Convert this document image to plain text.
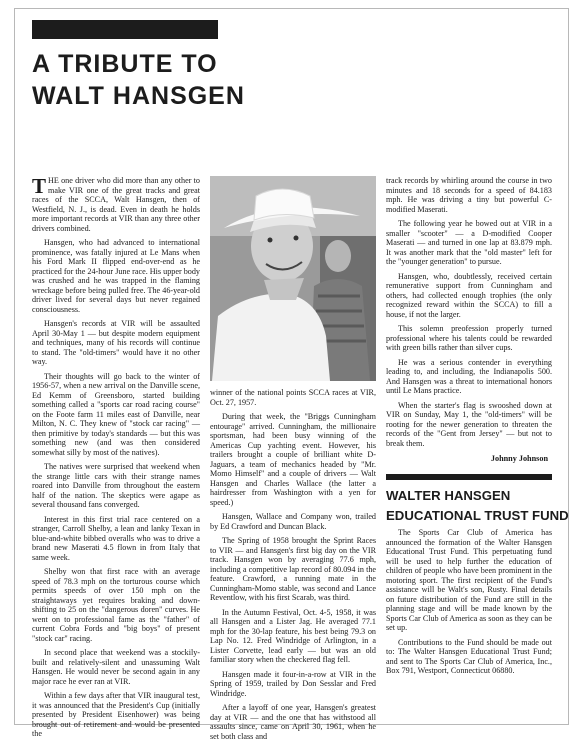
A TRIBUTE TO
WALT HANSGEN

THE one driver who did more than any other to make VIR one of the great tracks and great races of the SCCA, Walt Hansgen, then of Westfield, N. J., is dead. Even in death he holds more important records at VIR than any three other drivers combined.

Hansgen, who had advanced to international prominence, was fatally injured at Le Mans when his Ford Mark II flipped end-over-end as he practiced for the 24-hour June race. His upper body was crushed and he was trapped in the flaming wreckage before being pulled free. The 46-year-old driver lived for several days but never regained consciousness.

Hansgen's records at VIR will be assaulted April 30-May 1 — but despite modern equipment and techniques, many of his records will continue to stand. The "old-timers" would have it no other way.

Their thoughts will go back to the winter of 1956-57, when a new arrival on the Danville scene, Ed Kemm of Greensboro, started building something called a "sports car road racing course" on the Foote farm 11 miles east of Danville, near Milton, N. C. They knew of "stock car racing" — then primitive by today's standards — but this was something new (and was then considered somewhat silly by most of the natives).

The natives were surprised that weekend when the strange little cars with their strange names roared into Danville from throughout the eastern half of the nation. The skeptics were agape as several thousand fans converged.

Interest in this first trial race centered on a stranger, Carroll Shelby, a lean and lanky Texan in blue-and-white bibbed overalls who was to drive a brand new Maserati 4.5 flown in from Italy that same week.

Shelby won that first race with an average speed of 78.3 mph on the torturous course which permits speeds of over 150 mph on the straightaways yet requires braking and down-shifting to 25 on the "dangerous doren" curves. He went on to professional fame as the "father" of current Cobra Fords and "big boys" of present "stock car" racing.

In second place that weekend was a stockily-built and relatively-silent and unassuming Walt Hansgen. He would never be second again in any major race he ever ran at VIR.

Within a few days after that VIR inaugural test, it was announced that the President's Cup (initially presented by President Eisenhower) was being brought out of retirement and would be presented the

winner of the national points SCCA races at VIR, Oct. 27, 1957.

During that week, the "Briggs Cunningham entourage" arrived. Cunningham, the millionaire sportsman, had been busy winning of the Americas Cup yachting event. However, his trailers brought a couple of brilliant white D-Jaguars, a team of mechanics headed by "Mr. Momo Himself" and a couple of drivers — Walt Hansgen and Charles Wallace (the latter a hairdresser from Washington with a yen for speed.)

Hansgen, Wallace and Company won, trailed by Ed Crawford and Duncan Black.

The Spring of 1958 brought the Sprint Races to VIR — and Hansgen's first big day on the VIR track. Hansgen won by averaging 77.6 mph, including a competitive lap record of 80.094 in the feature. Crawford, a running mate in the Cunningham-Momo stable, was second and Lance Reventlow, with his first Scarab, was third.

In the Autumn Festival, Oct. 4-5, 1958, it was all Hansgen and a Lister Jag. He averaged 77.1 mph for the 30-lap feature, his best being 79.3 on Lap No. 12. Fred Windridge of Arlington, in a Lister Corvette, lead early — but was an old familiar story when the checkered flag fell.

Hansgen made it four-in-a-row at VIR in the Spring of 1959, trailed by Don Sesslar and Fred Windridge.

After a layoff of one year, Hansgen's greatest day at VIR — and the one that has withstood all assaults since, came on April 30, 1961, when he set both class and

track records by whirling around the course in two minutes and 18 seconds for a speed of 84.183 mph. He was driving a tiny but powerful C-modified Maserati.

The following year he bowed out at VIR in a smaller "scooter" — a D-modified Cooper Maserati — and turned in one lap at 83.879 mph. It was another mark that the "old master" left for the "younger generation" to pursue.

Hansgen, who, doubtlessly, received certain remunerative support from Cunningham and others, had collected enough trophies (the only recognized reward within the SCCA) to fill a house, if not the larger.

This solemn preofession properly turned professional where his talents could be rewarded with green bills rather than silver cups.

He was a serious contender in everything leading to, and including, the Indianapolis 500. And Hansgen was a threat to international honors until Le Mans practice.

When the starter's flag is swooshed down at VIR on Sunday, May 1, the "old-timers" will be rooting for the newer generation to threaten the records of the "Gent from Jersey" — but not to break them.

Johnny Johnson
WALTER HANSGEN
EDUCATIONAL TRUST FUND

The Sports Car Club of America has announced the formation of the Walter Hansgen Educational Trust Fund. This perpetuating fund will be used to help further the education of children of people who have been prominent in the motoring sport. The first recipient of the Fund's assistance will be Walt's son, Rusty. Final details on future distribution of the Fund are still in the planning stage and will be made known by the Sports Car Club of America as soon as they can be set up.

Contributions to the Fund should be made out to: The Walter Hansgen Educational Trust Fund; and sent to The Sports Car Club of America, Inc., Box 791, Westport, Connecticut 06880.
